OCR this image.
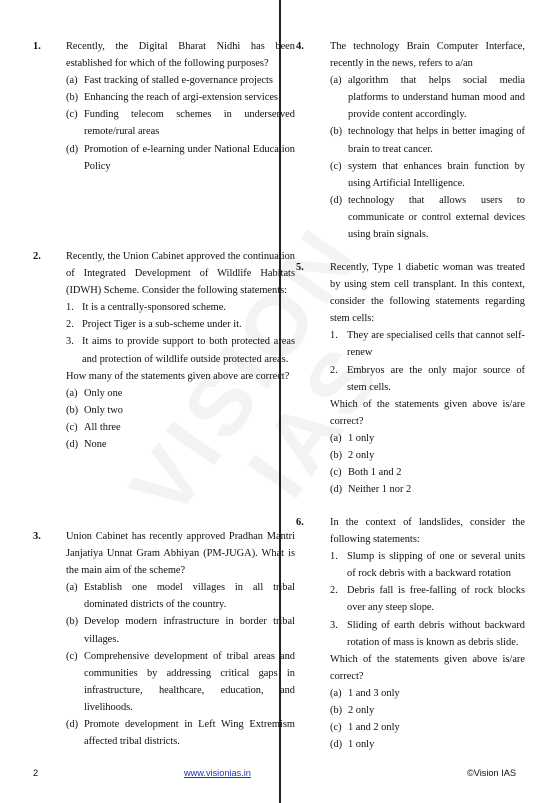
1. Recently, the Digital Bharat Nidhi has been established for which of the following purposes?

(a) Fast tracking of stalled e-governance projects
(b) Enhancing the reach of argi-extension services
(c) Funding telecom schemes in underserved remote/rural areas
(d) Promotion of e-learning under National Education Policy
2. Recently, the Union Cabinet approved the continuation of Integrated Development of Wildlife Habitats (IDWH) Scheme. Consider the following statements:

1. It is a centrally-sponsored scheme.
2. Project Tiger is a sub-scheme under it.
3. It aims to provide support to both protected areas and protection of wildlife outside protected areas.

How many of the statements given above are correct?

(a) Only one
(b) Only two
(c) All three
(d) None
3. Union Cabinet has recently approved Pradhan Mantri Janjatiya Unnat Gram Abhiyan (PM-JUGA). What is the main aim of the scheme?

(a) Establish one model villages in all tribal dominated districts of the country.
(b) Develop modern infrastructure in border tribal villages.
(c) Comprehensive development of tribal areas and communities by addressing critical gaps in infrastructure, healthcare, education, and livelihoods.
(d) Promote development in Left Wing Extremism affected tribal districts.
4.	The technology Brain Computer Interface, recently in the news, refers to a/an

(a) algorithm that helps social media platforms to understand human mood and provide content accordingly.
(b) technology that helps in better imaging of brain to treat cancer.
(c) system that enhances brain function by using Artificial Intelligence.
(d) technology that allows users to communicate or control external devices using brain signals.
5.	Recently, Type 1 diabetic woman was treated by using stem cell transplant. In this context, consider the following statements regarding stem cells:

1. They are specialised cells that cannot self-renew
2. Embryos are the only major source of stem cells.

Which of the statements given above is/are correct?

(a) 1 only
(b) 2 only
(c) Both 1 and 2
(d) Neither 1 nor 2
6.	In the context of landslides, consider the following statements:

1. Slump is slipping of one or several units of rock debris with a backward rotation
2. Debris fall is free-falling of rock blocks over any steep slope.
3. Sliding of earth debris without backward rotation of mass is known as debris slide.

Which of the statements given above is/are correct?

(a) 1 and 3 only
(b) 2 only
(c) 1 and 2 only
(d) 1 only
2	www.visionias.in	©Vision IAS
